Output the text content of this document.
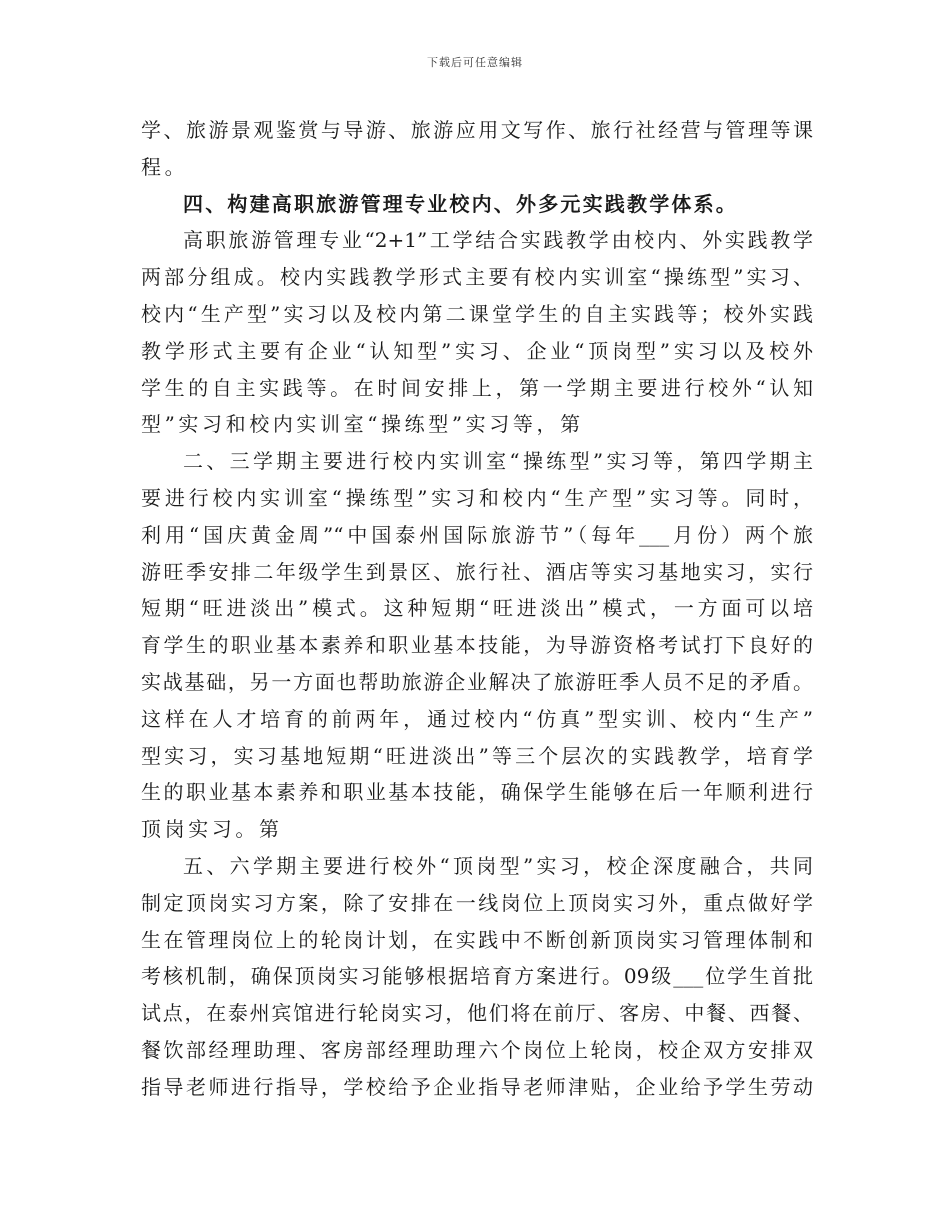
下载后可任意编辑
学、旅游景观鉴赏与导游、旅游应用文写作、旅行社经营与管理等课
程。
四、构建高职旅游管理专业校内、外多元实践教学体系。
高职旅游管理专业“2+1”工学结合实践教学由校内、外实践教学
两部分组成。校内实践教学形式主要有校内实训室“操练型”实习、
校内“生产型”实习以及校内第二课堂学生的自主实践等；校外实践
教学形式主要有企业“认知型”实习、企业“顶岗型”实习以及校外
学生的自主实践等。在时间安排上，第一学期主要进行校外“认知
型”实习和校内实训室“操练型”实习等，第
二、三学期主要进行校内实训室“操练型”实习等，第四学期主
要进行校内实训室“操练型”实习和校内“生产型”实习等。同时，
利用“国庆黄金周”“中国泰州国际旅游节”（每年___月份）两个旅
游旺季安排二年级学生到景区、旅行社、酒店等实习基地实习，实行
短期“旺进淡出”模式。这种短期“旺进淡出”模式，一方面可以培
育学生的职业基本素养和职业基本技能，为导游资格考试打下良好的
实战基础，另一方面也帮助旅游企业解决了旅游旺季人员不足的矛盾。
这样在人才培育的前两年，通过校内“仿真”型实训、校内“生产”
型实习，实习基地短期“旺进淡出”等三个层次的实践教学，培育学
生的职业基本素养和职业基本技能，确保学生能够在后一年顺利进行
顶岗实习。第
五、六学期主要进行校外“顶岗型”实习，校企深度融合，共同
制定顶岗实习方案，除了安排在一线岗位上顶岗实习外，重点做好学
生在管理岗位上的轮岗计划，在实践中不断创新顶岗实习管理体制和
考核机制，确保顶岗实习能够根据培育方案进行。09级___位学生首批
试点，在泰州宾馆进行轮岗实习，他们将在前厅、客房、中餐、西餐、
餐饮部经理助理、客房部经理助理六个岗位上轮岗，校企双方安排双
指导老师进行指导，学校给予企业指导老师津贴，企业给予学生劳动
